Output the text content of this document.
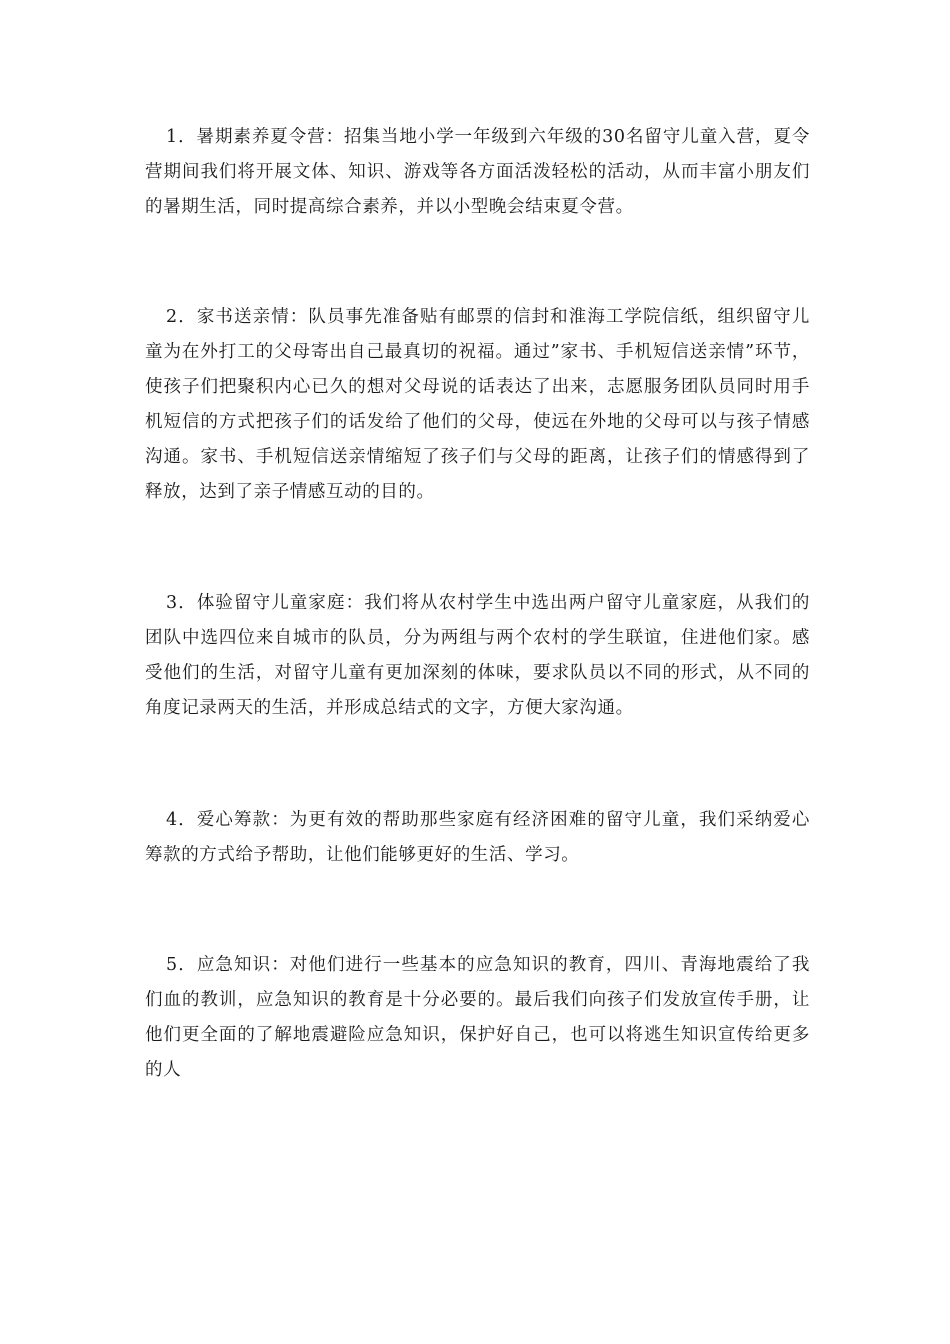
1．暑期素养夏令营：招集当地小学一年级到六年级的30名留守儿童入营，夏令营期间我们将开展文体、知识、游戏等各方面活泼轻松的活动，从而丰富小朋友们的暑期生活，同时提高综合素养，并以小型晚会结束夏令营。

2．家书送亲情：队员事先准备贴有邮票的信封和淮海工学院信纸，组织留守儿童为在外打工的父母寄出自己最真切的祝福。通过”家书、手机短信送亲情”环节，使孩子们把聚积内心已久的想对父母说的话表达了出来，志愿服务团队员同时用手机短信的方式把孩子们的话发给了他们的父母，使远在外地的父母可以与孩子情感沟通。家书、手机短信送亲情缩短了孩子们与父母的距离，让孩子们的情感得到了释放，达到了亲子情感互动的目的。

3．体验留守儿童家庭：我们将从农村学生中选出两户留守儿童家庭，从我们的团队中选四位来自城市的队员，分为两组与两个农村的学生联谊，住进他们家。感受他们的生活，对留守儿童有更加深刻的体味，要求队员以不同的形式，从不同的角度记录两天的生活，并形成总结式的文字，方便大家沟通。

4．爱心筹款：为更有效的帮助那些家庭有经济困难的留守儿童，我们采纳爱心筹款的方式给予帮助，让他们能够更好的生活、学习。

5．应急知识：对他们进行一些基本的应急知识的教育，四川、青海地震给了我们血的教训，应急知识的教育是十分必要的。最后我们向孩子们发放宣传手册，让他们更全面的了解地震避险应急知识，保护好自己，也可以将逃生知识宣传给更多的人
